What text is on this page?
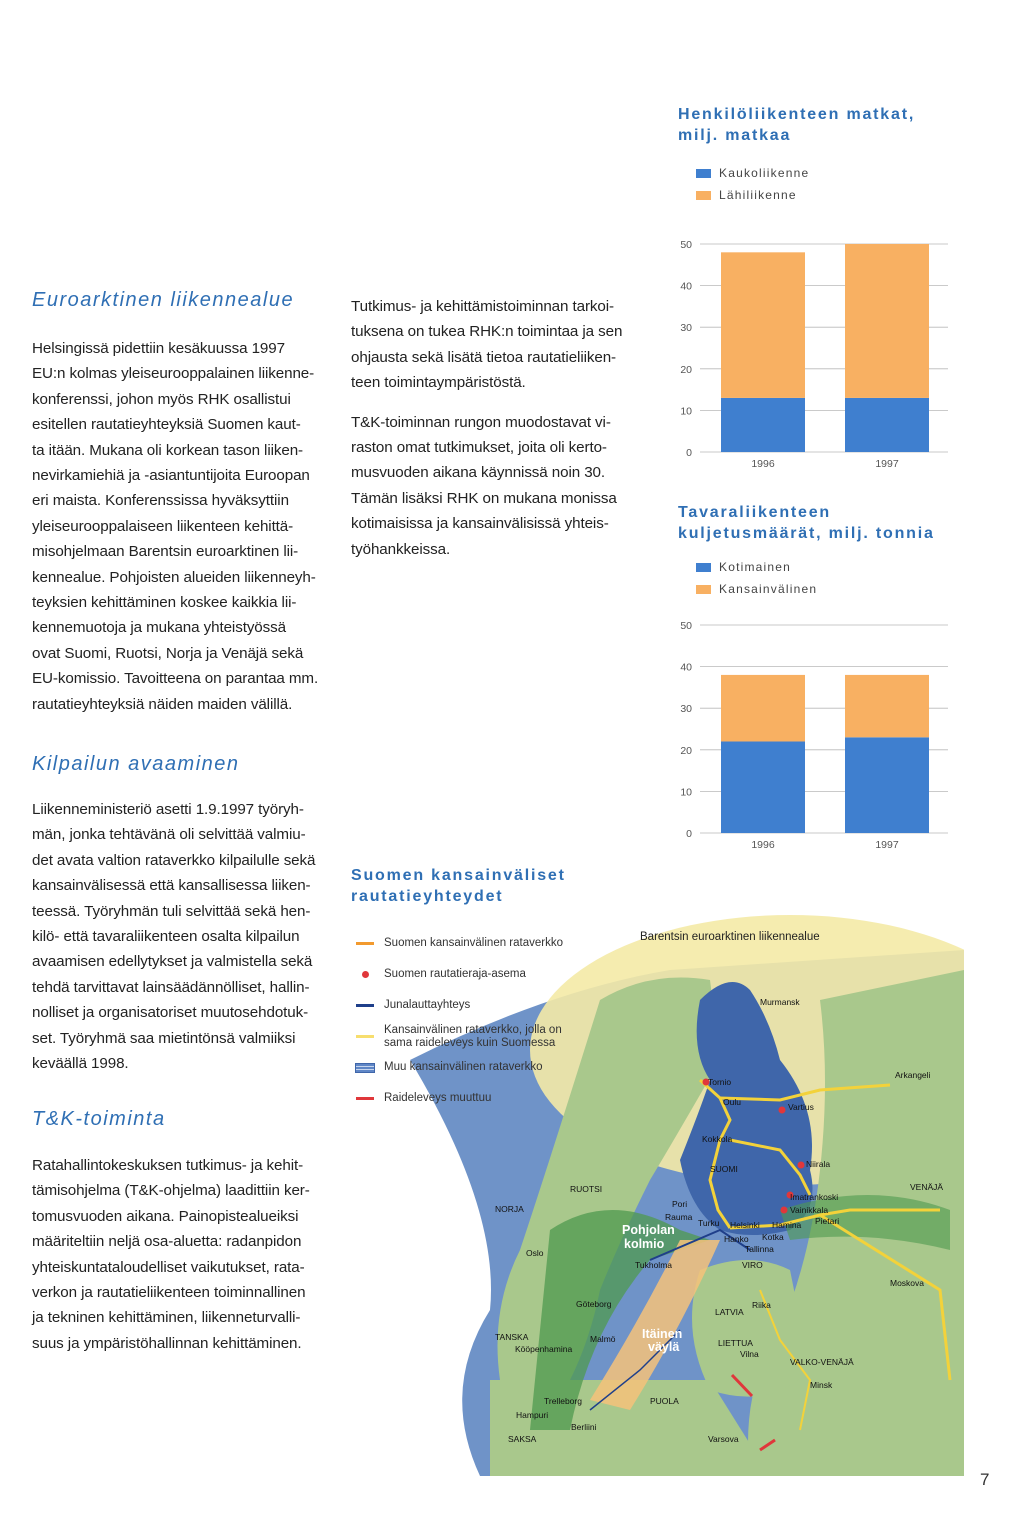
Euroarktinen liikennealue
Helsingissä pidettiin kesäkuussa 1997
EU:n kolmas yleiseurooppalainen liikenne-
konferenssi, johon myös RHK osallistui
esitellen rautatieyhteyksiä Suomen kaut-
ta itään. Mukana oli korkean tason liiken-
nevirkamiehiä ja -asiantuntijoita Euroopan
eri maista. Konferenssissa hyväksyttiin
yleiseurooppalaiseen liikenteen kehittä-
misohjelmaan Barentsin euroarktinen lii-
kennealue. Pohjoisten alueiden liikenneyh-
teyksien kehittäminen koskee kaikkia lii-
kennemuotoja ja mukana yhteistyössä
ovat Suomi, Ruotsi, Norja ja Venäjä sekä
EU-komissio. Tavoitteena on parantaa mm.
rautatieyhteyksiä näiden maiden välillä.
Kilpailun avaaminen
Liikenneministeriö asetti 1.9.1997 työryh-
män, jonka tehtävänä oli selvittää valmiu-
det avata valtion rataverkko kilpailulle sekä
kansainvälisessä että kansallisessa liiken-
teessä. Työryhmän tuli selvittää sekä hen-
kilö- että tavaraliikenteen osalta kilpailun
avaamisen edellytykset ja valmistella sekä
tehdä tarvittavat lainsäädännölliset, hallin-
nolliset ja organisatoriset muutosehdotuk-
set. Työryhmä saa mietintönsä valmiiksi
keväällä 1998.
T&K-toiminta
Ratahallintokeskuksen tutkimus- ja kehit-
tämisohjelma (T&K-ohjelma) laadittiin ker-
tomusvuoden aikana. Painopistealueiksi
määriteltiin neljä osa-aluetta: radanpidon
yhteiskuntataloudelliset vaikutukset, rata-
verkon ja rautatieliikenteen toiminnallinen
ja tekninen kehittäminen, liikenneturvalli-
suus ja ympäristöhallinnan kehittäminen.
Tutkimus- ja kehittämistoiminnan tarkoi-
tuksena on tukea RHK:n toimintaa ja sen
ohjausta sekä lisätä tietoa rautatieliiken-
teen toimintaympäristöstä.
T&K-toiminnan rungon muodostavat vi-
raston omat tutkimukset, joita oli kerto-
musvuoden aikana käynnissä noin 30.
Tämän lisäksi RHK on mukana monissa
kotimaisissa ja kansainvälisissä yhteis-
työhankkeissa.
Henkilöliikenteen matkat,
milj. matkaa
Kaukoliikenne
Lähiliikenne
0
10
20
30
40
50
1996	1997
Tavaraliikenteen
kuljetusmäärät, milj. tonnia
Kotimainen
Kansainvälinen
0
10
20
30
40
50
1996	1997
Suomen kansainväliset
rautatieyhteydet
Barentsin euroarktinen liikennealue
Murmansk
Arkangeli
Tornio
Oulu	Vartius
Kokkola
SUOMI	Niirala
VENÄJÄ
RUOTSI
NORJA	Pori
Rauma
Turku Helsinki
Kotka
Imatrankoski
Vainikkala
Hamina Pietari
Hanko
Tallinna
VIRO
Tukholma
Oslo
Moskova
Göteborg
LATVIA
Riika
TANSKA	Malmö
Kööpenhamina
LIETTUA
Vilna
VALKO-VENÄJÄ
Minsk
PUOLA
Trelleborg
Hampuri
Berliini
SAKSA	Varsova
Pohjolan
kolmio
Itäinen
väylä
Suomen kansainvälinen rataverkko
Suomen rautatieraja-asema
Junalauttayhteys
Kansainvälinen rataverkko, jolla on
sama raideleveys kuin Suomessa
Muu kansainvälinen rataverkko
Raideleveys muuttuu
7
